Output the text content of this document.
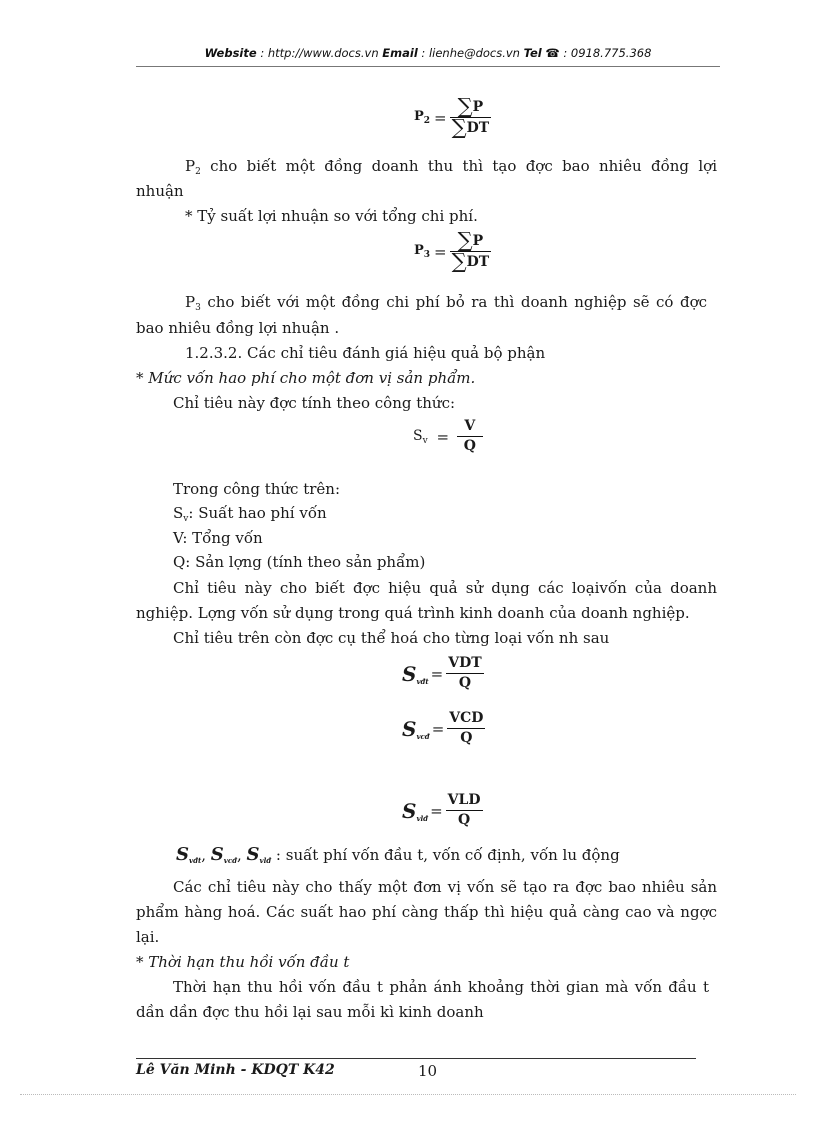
Website : http://www.docs.vn Email : lienhe@docs.vn Tel ☎ : 0918.775.368
$P_2 = \frac{\sum P}{\sum DT}$
$P_2$ cho biết một đồng doanh thu thì tạo đợc bao nhiêu đồng lợi
nhuận
* Tỷ suất lợi nhuận so với tổng chi phí.
$P_3 = \frac{\sum P}{\sum DT}$
$P_3$ cho biết với một đồng chi phí bỏ ra thì doanh nghiệp sẽ có đợc
bao nhiêu đồng lợi nhuận .
1.2.3.2. Các chỉ tiêu đánh giá hiệu quả bộ phận
* Mức vốn hao phí cho một đơn vị sản phẩm.
Chỉ tiêu này đợc tính theo công thức:
$S_v = \frac{V}{Q}$
Trong công thức trên:
$S_v$: Suất hao phí vốn
V: Tổng vốn
Q: Sản lợng (tính theo sản phẩm)
Chỉ tiêu này cho biết đợc hiệu quả sử dụng các loạivốn của doanh
nghiệp. Lợng vốn sử dụng trong quá trình kinh doanh của doanh nghiệp.
Chỉ tiêu trên còn đợc cụ thể hoá cho từng loại vốn nh sau
Svđt = $\frac{\text{VDT}}{Q}$
Svcđ = $\frac{\text{VCD}}{Q}$
Svlđ = $\frac{\text{VLD}}{Q}$
$S_{vđt}$, $S_{vcđ}$, $S_{vlđ}$ : suất phí vốn đầu t, vốn cố định, vốn lu động
Các chỉ tiêu này cho thấy một đơn vị vốn sẽ tạo ra đợc bao nhiêu sản
phẩm hàng hoá. Các suất hao phí càng thấp thì hiệu quả càng cao và ngợc
lại.
* Thời hạn thu hồi vốn đầu t
Thời hạn thu hồi vốn đầu t phản ánh khoảng thời gian mà vốn đầu t
dần dần đợc thu hồi lại sau mỗi kì kinh doanh
Lê Văn Minh - KDQT K42	10
